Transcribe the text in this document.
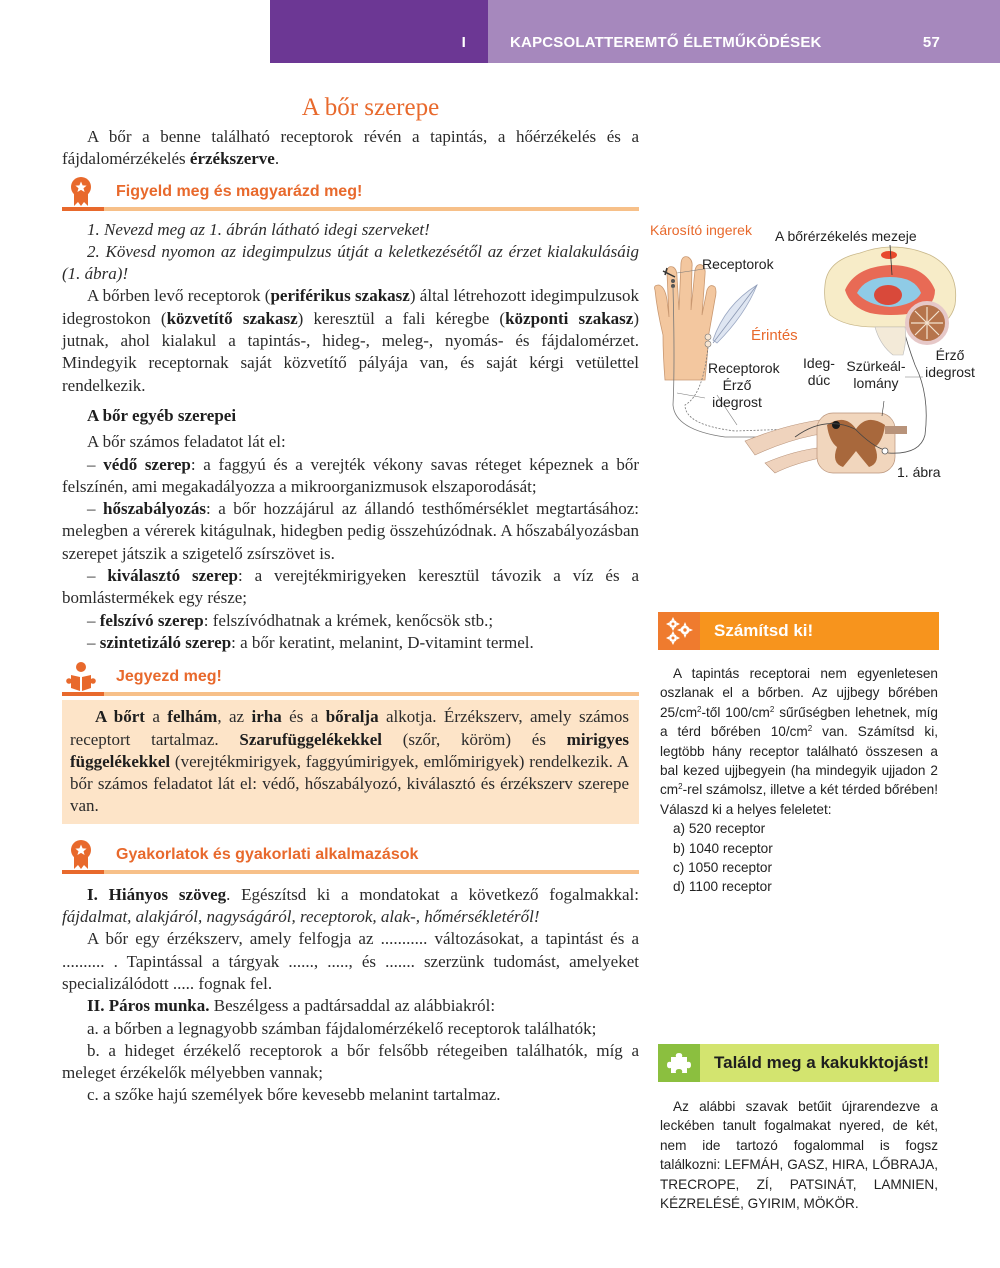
I	KAPCSOLATTEREMTŐ ÉLETMŰKÖDÉSEK	57
A bőr szerepe

A bőr a benne található receptorok révén a tapintás, a hőérzékelés és a fájdalomérzékelés érzékszerve.

Figyeld meg és magyarázd meg!

1. Nevezd meg az 1. ábrán látható idegi szerveket!

2. Kövesd nyomon az idegimpulzus útját a keletkezésétől az érzet kialakulásáig (1. ábra)!

A bőrben levő receptorok (periférikus szakasz) által létrehozott idegimpulzusok idegrostokon (közvetítő szakasz) keresztül a fali kéregbe (központi szakasz) jutnak, ahol kialakul a tapintás-, hideg-, meleg-, nyomás- és fájdalomérzet. Mindegyik receptornak saját közvetítő pályája van, és saját kérgi vetülettel rendelkezik.

A bőr egyéb szerepei

A bőr számos feladatot lát el:

– védő szerep: a faggyú és a verejték vékony savas réteget képeznek a bőr felszínén, ami megakadályozza a mikroorganizmusok elszaporodását;

– hőszabályozás: a bőr hozzájárul az állandó testhőmérséklet megtartásához: melegben a vérerek kitágulnak, hidegben pedig összehúzódnak. A hőszabályozásban szerepet játszik a szigetelő zsírszövet is.

– kiválasztó szerep: a verejtékmirigyeken keresztül távozik a víz és a bomlástermékek egy része;

– felszívó szerep: felszívódhatnak a krémek, kenőcsök stb.;

– szintetizáló szerep: a bőr keratint, melanint, D-vitamint termel.

Jegyezd meg!

A bőrt a felhám, az irha és a bőralja alkotja. Érzékszerv, amely számos receptort tartalmaz. Szarufüggelékekkel (szőr, köröm) és mirigyes függelékekkel (verejtékmirigyek, faggyúmirigyek, emlőmirigyek) rendelkezik. A bőr számos feladatot lát el: védő, hőszabályozó, kiválasztó és érzékszerv szerepe van.

Gyakorlatok és gyakorlati alkalmazások

I. Hiányos szöveg. Egészítsd ki a mondatokat a következő fogalmakkal: fájdalmat, alakjáról, nagyságáról, receptorok, alak-, hőmérsékletéről!

A bőr egy érzékszerv, amely felfogja az ........... változásokat, a tapintást és a .......... . Tapintással a tárgyak ......, ....., és ....... szerzünk tudomást, amelyeket specializálódott ..... fognak fel.

II. Páros munka. Beszélgess a padtársaddal az alábbiakról:

a. a bőrben a legnagyobb számban fájdalomérzékelő receptorok találhatók;

b. a hideget érzékelő receptorok a bőr felsőbb rétegeiben találhatók, míg a meleget érzékelők mélyebben vannak;

c. a szőke hajú személyek bőre kevesebb melanint tartalmaz.

Károsító ingerek A bőrérzékelés mezeje
Receptorok
Érintés
Receptorok
Érző idegrost
Ideg- dúc
Szürkeál- lomány
Érző idegrost
1. ábra
Számítsd ki!

A tapintás receptorai nem egyenletesen oszlanak el a bőrben. Az ujjbegy bőrében $25/cm^2$-től $100/cm^2$ sűrűségben lehetnek, míg a térd bőrében $10/cm^2$ van. Számítsd ki, legtöbb hány receptor található összesen a bal kezed ujjbegyein (ha mindegyik ujjadon 2 $cm^2$-rel számolsz, illetve a két térded bőrében! Válaszd ki a helyes feleletet:

a) 520 receptor

b) 1040 receptor

c) 1050 receptor

d) 1100 receptor

Találd meg a kakukktojást!

Az alábbi szavak betűit újrarendezve a leckében tanult fogalmakat nyered, de két, nem ide tartozó fogalommal is fogsz találkozni: LEFMÁH, GASZ, HIRA, LŐBRAJA, TRECROPE, ZÍ, PATSINÁT, LAMNIEN, KÉZRELÉSÉ, GYIRIM, MÖKÖR.
